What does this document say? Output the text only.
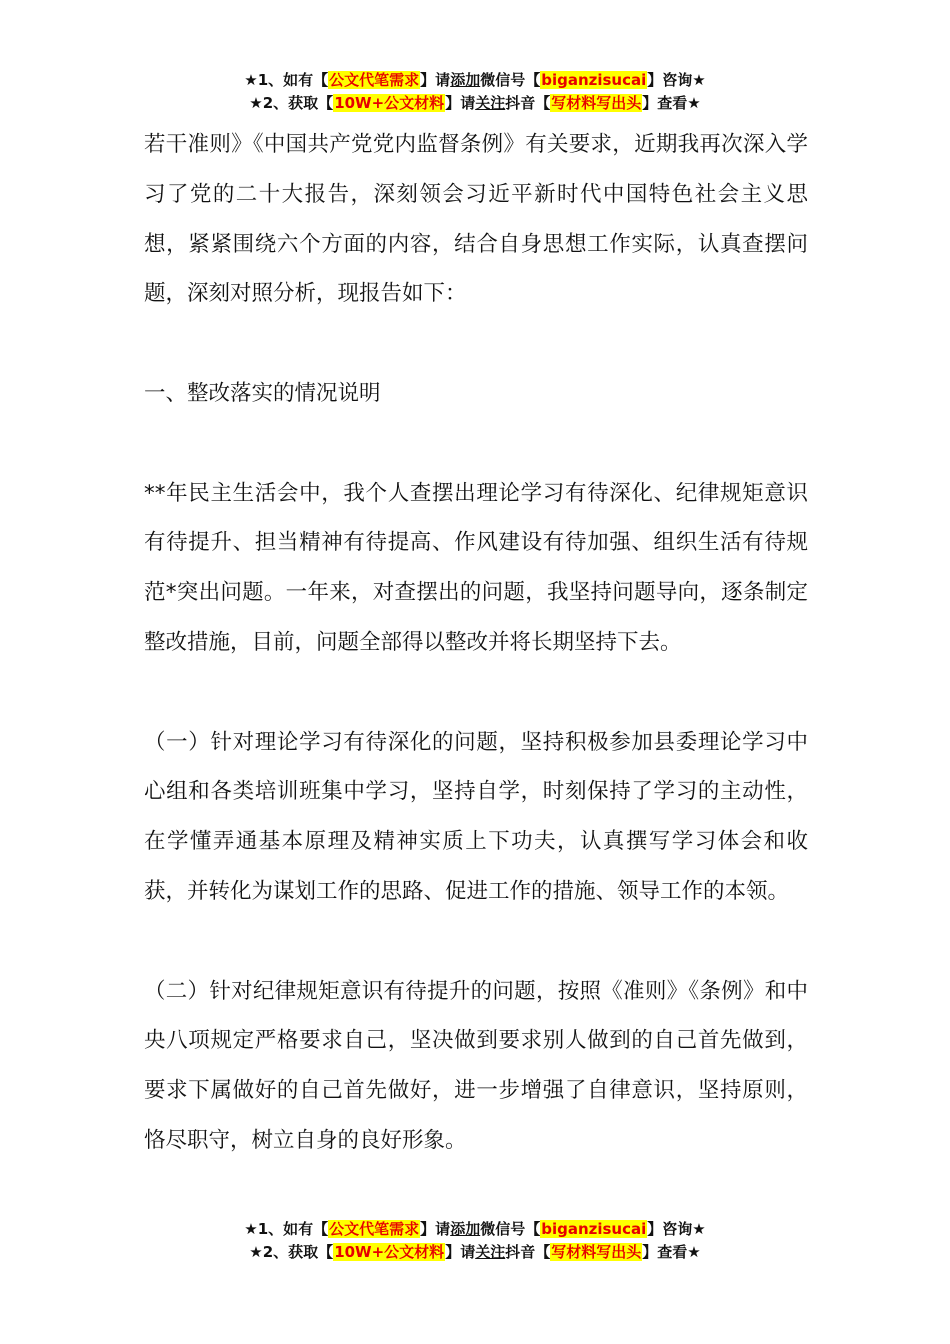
★1、如有【公文代笔需求】请添加微信号【biganzisucai】咨询★
★2、获取【10W+公文材料】请关注抖音【写材料写出头】查看★

若干准则》《中国共产党党内监督条例》有关要求，近期我再次深入学习了党的二十大报告，深刻领会习近平新时代中国特色社会主义思想，紧紧围绕六个方面的内容，结合自身思想工作实际，认真查摆问题，深刻对照分析，现报告如下：

一、整改落实的情况说明

**年民主生活会中，我个人查摆出理论学习有待深化、纪律规矩意识有待提升、担当精神有待提高、作风建设有待加强、组织生活有待规范*突出问题。一年来，对查摆出的问题，我坚持问题导向，逐条制定整改措施，目前，问题全部得以整改并将长期坚持下去。

（一）针对理论学习有待深化的问题，坚持积极参加县委理论学习中心组和各类培训班集中学习，坚持自学，时刻保持了学习的主动性，在学懂弄通基本原理及精神实质上下功夫，认真撰写学习体会和收获，并转化为谋划工作的思路、促进工作的措施、领导工作的本领。

（二）针对纪律规矩意识有待提升的问题，按照《准则》《条例》和中央八项规定严格要求自己，坚决做到要求别人做到的自己首先做到，要求下属做好的自己首先做好，进一步增强了自律意识，坚持原则，恪尽职守，树立自身的良好形象。

★1、如有【公文代笔需求】请添加微信号【biganzisucai】咨询★
★2、获取【10W+公文材料】请关注抖音【写材料写出头】查看★
